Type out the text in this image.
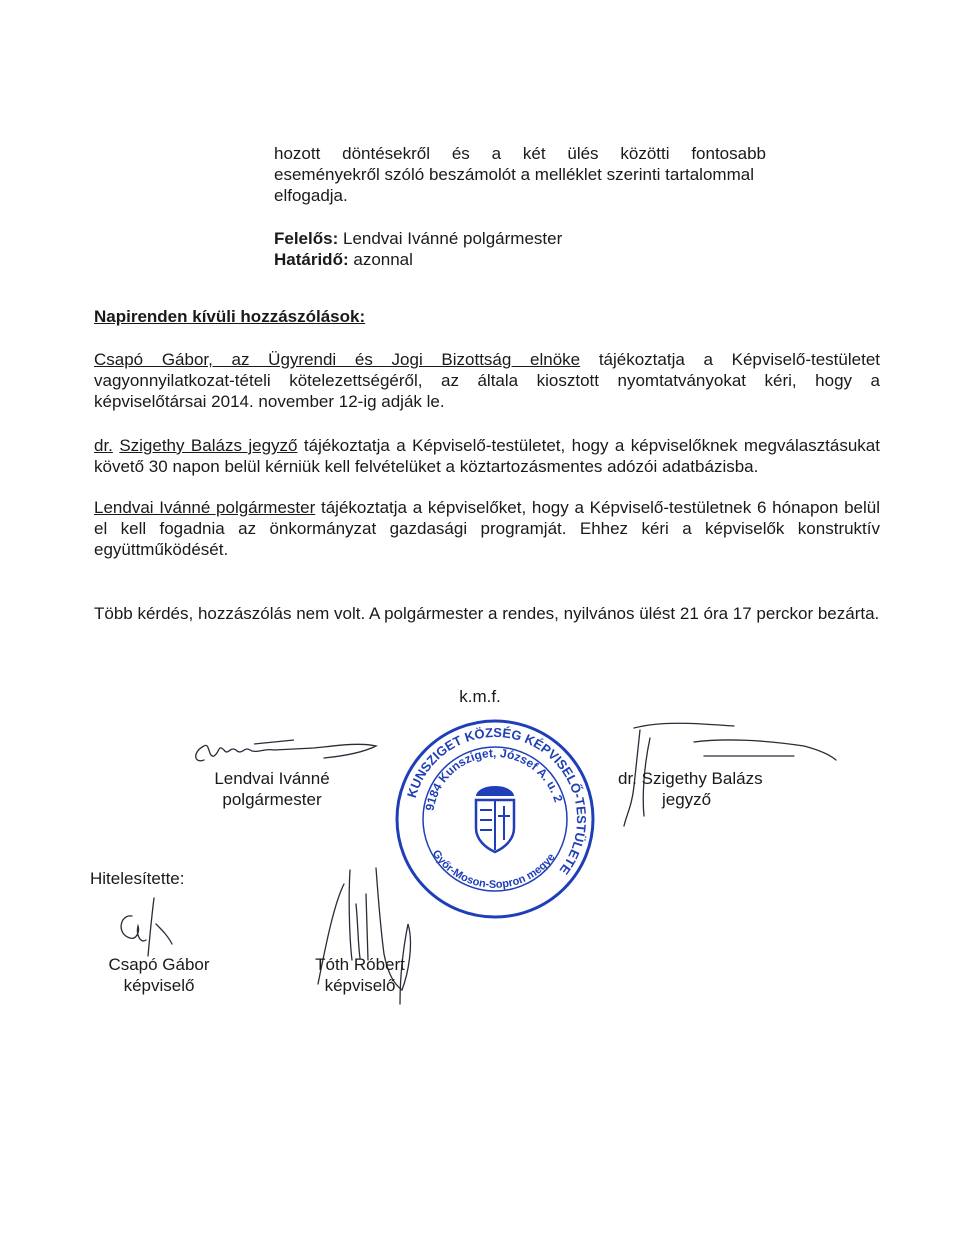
hozott döntésekről és a két ülés közötti fontosabb
eseményekről szóló beszámolót a melléklet szerinti tartalommal
elfogadja.
Felelős: Lendvai Ivánné polgármester
Határidő: azonnal
Napirenden kívüli hozzászólások:

Csapó Gábor, az Ügyrendi és Jogi Bizottság elnöke tájékoztatja a Képviselő-testületet vagyonnyilatkozat-tételi kötelezettségéről, az általa kiosztott nyomtatványokat kéri, hogy a képviselőtársai 2014. november 12-ig adják le.

dr. Szigethy Balázs jegyző tájékoztatja a Képviselő-testületet, hogy a képviselőknek megválasztásukat követő 30 napon belül kérniük kell felvételüket a köztartozásmentes adózói adatbázisba.

Lendvai Ivánné polgármester tájékoztatja a képviselőket, hogy a Képviselő-testületnek 6 hónapon belül el kell fogadnia az önkormányzat gazdasági programját. Ehhez kéri a képviselők konstruktív együttműködését.

Több kérdés, hozzászólás nem volt. A polgármester a rendes, nyilvános ülést 21 óra 17 perckor bezárta.

k.m.f.
Lendvai Ivánné
polgármester
dr. Szigethy Balázs
jegyző
KUNSZIGET KÖZSÉG KÉPVISELŐ-TESTÜLETE
9184 Kunsziget, József A. u. 2
Győr-Moson-Sopron megye
Hitelesítette:
Csapó Gábor
képviselő
Tóth Róbert
képviselő
